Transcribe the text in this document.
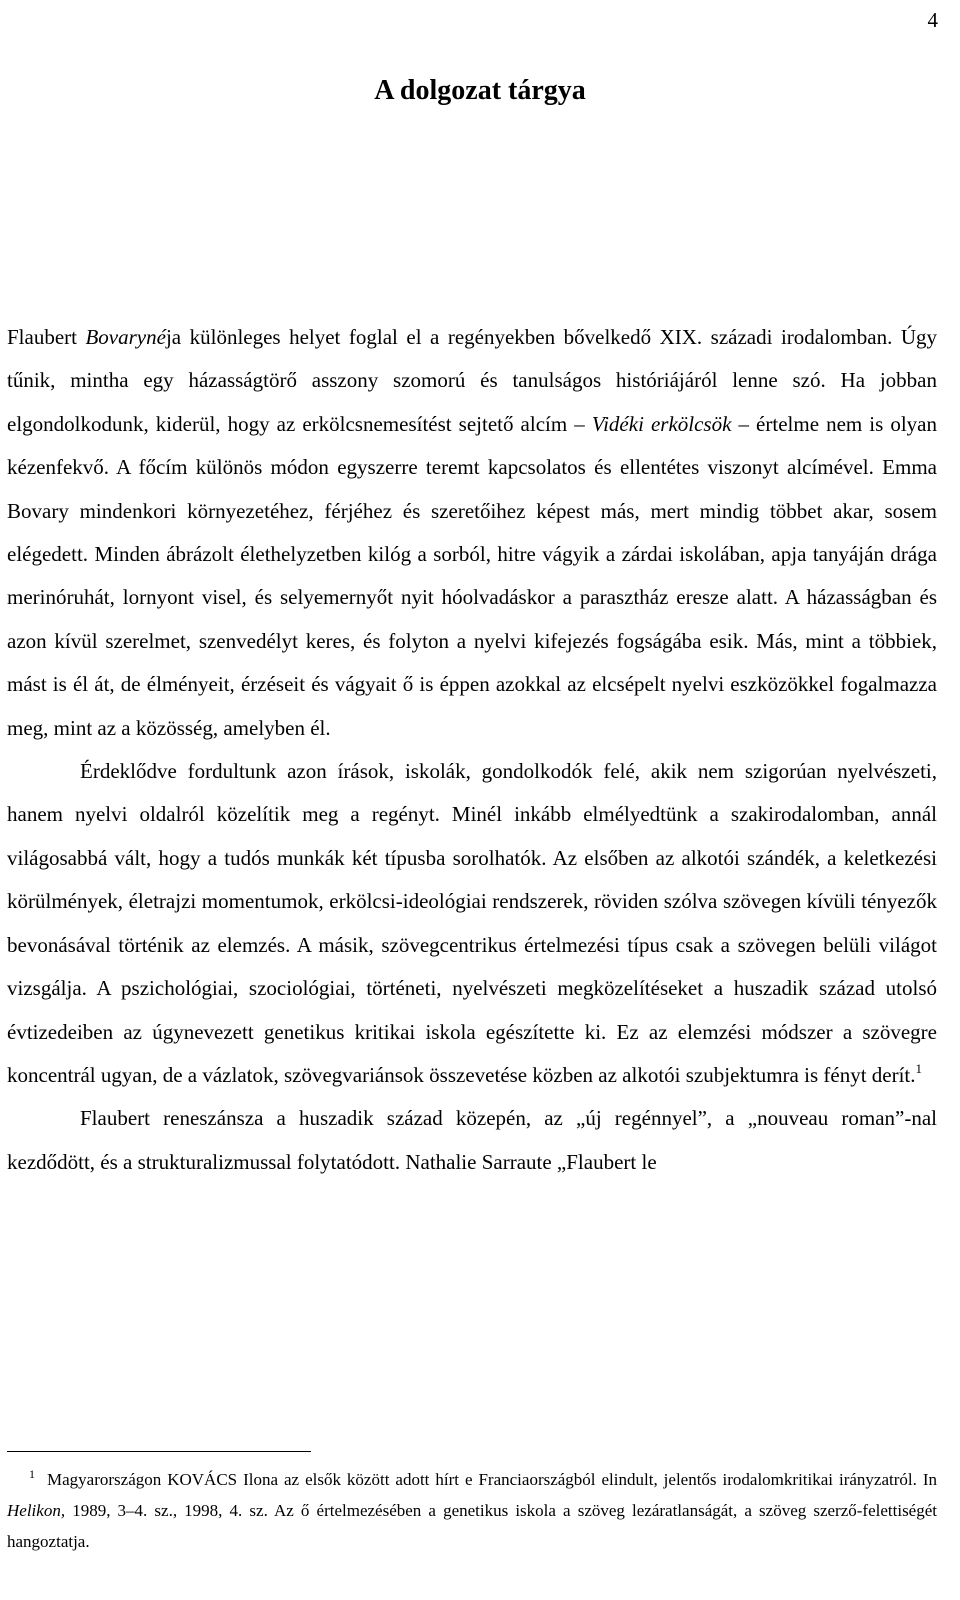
4
A dolgozat tárgya

Flaubert Bovarynéja különleges helyet foglal el a regényekben bővelkedő XIX. századi irodalomban. Úgy tűnik, mintha egy házasságtörő asszony szomorú és tanulságos históriájáról lenne szó. Ha jobban elgondolkodunk, kiderül, hogy az erkölcsnemesítést sejtető alcím – Vidéki erkölcsök – értelme nem is olyan kézenfekvő. A főcím különös módon egyszerre teremt kapcsolatos és ellentétes viszonyt alcímével. Emma Bovary mindenkori környezetéhez, férjéhez és szeretőihez képest más, mert mindig többet akar, sosem elégedett. Minden ábrázolt élethelyzetben kilóg a sorból, hitre vágyik a zárdai iskolában, apja tanyáján drága merinóruhát, lornyont visel, és selyemernyőt nyit hóolvadáskor a parasztház eresze alatt. A házasságban és azon kívül szerelmet, szenvedélyt keres, és folyton a nyelvi kifejezés fogságába esik. Más, mint a többiek, mást is él át, de élményeit, érzéseit és vágyait ő is éppen azokkal az elcsépelt nyelvi eszközökkel fogalmazza meg, mint az a közösség, amelyben él.

Érdeklődve fordultunk azon írások, iskolák, gondolkodók felé, akik nem szigorúan nyelvészeti, hanem nyelvi oldalról közelítik meg a regényt. Minél inkább elmélyedtünk a szakirodalomban, annál világosabbá vált, hogy a tudós munkák két típusba sorolhatók. Az elsőben az alkotói szándék, a keletkezési körülmények, életrajzi momentumok, erkölcsi-ideológiai rendszerek, röviden szólva szövegen kívüli tényezők bevonásával történik az elemzés. A másik, szövegcentrikus értelmezési típus csak a szövegen belüli világot vizsgálja. A pszichológiai, szociológiai, történeti, nyelvészeti megközelítéseket a huszadik század utolsó évtizedeiben az úgynevezett genetikus kritikai iskola egészítette ki. Ez az elemzési módszer a szövegre koncentrál ugyan, de a vázlatok, szövegvariánsok összevetése közben az alkotói szubjektumra is fényt derít.$^1$

Flaubert reneszánsza a huszadik század közepén, az „új regénnyel”, a „nouveau roman”-nal kezdődött, és a strukturalizmussal folytatódott. Nathalie Sarraute „Flaubert le

$^1$ Magyarországon KOVÁCS Ilona az elsők között adott hírt e Franciaországból elindult, jelentős irodalomkritikai irányzatról. In Helikon, 1989, 3–4. sz., 1998, 4. sz. Az ő értelmezésében a genetikus iskola a szöveg lezáratlanságát, a szöveg szerző-felettiségét hangoztatja.
